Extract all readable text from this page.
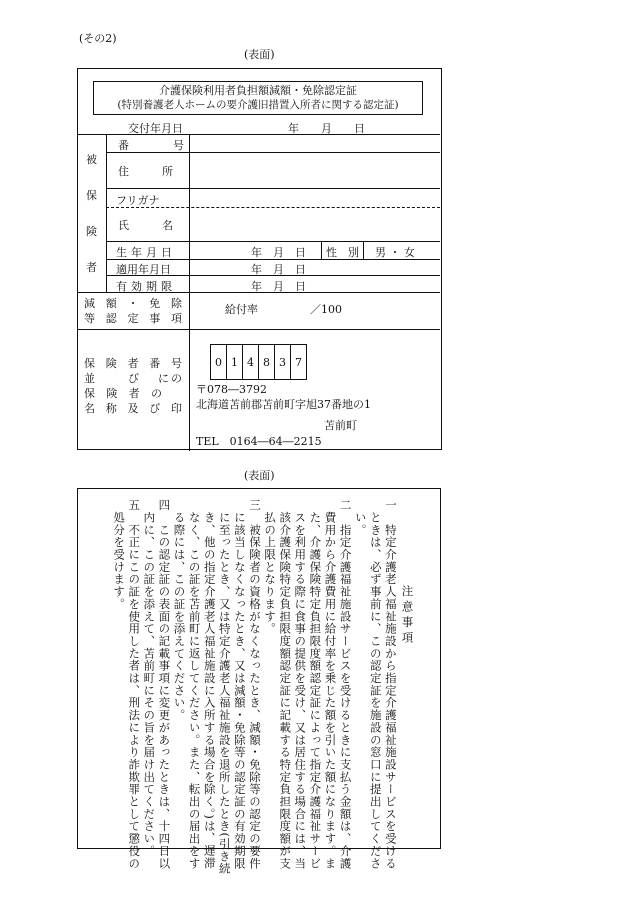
(その2)
(表面)
介護保険利用者負担額減額・免除認定証
(特別養護老人ホームの要介護旧措置入所者に関する認定証)
交付年月日	年　　月　　日
被
保
険
者
番　　　　号
住　　　所
フリガナ
氏　　　名
生年月日	年　月　日 性　別 男 ・ 女
適用年月日	年　月　日
有効期限	年　月　日
減 額 ・ 免 除
等 認 定 事 項
給付率	／100
保 険 者 番 号
並	び に の
保 険 者 の
名 称 及 び 印
0 1 4 8 3 7
〒078―3792
北海道苫前郡苫前町字旭37番地の1
苫前町
TEL　0164―64―2215
(表面)
注意事項
一　特定介護老人福祉施設から指定介護福祉施設サービスを受ける
　ときは、必ず事前に、この認定証を施設の窓口に提出してくださ
　い。
二　指定介護福祉施設サービスを受けるときに支払う金額は、介護
　費用から介護費用に給付率を乗じた額を引いた額になります。ま
　た、介護保険特定負担限度額認定証によって指定介護福祉サービ
　スを利用する際に食事の提供を受け、又は居住する場合には、当
　該介護保険特定負担限度額認定証に記載する特定負担限度額が支
　払の上限となります。
三　被保険者の資格がなくなったとき、減額・免除等の認定の要件
　に該当しなくなったとき、又は減額・免除等の認定証の有効期限
　に至ったとき、又は特定介護老人福祉施設を退所したとき(引き続
　き、他の指定介護老人福祉施設に入所する場合を除く。)は、遅滞
　なく、この証を苫前町に返してください。また、転出の届出をす
　る際には、この証を添えてください。
四　この認定証の表面の記載事項に変更があったときは、十四日以
　内に、この証を添えて、苫前町にその旨を届け出てください。
五　不正にこの証を使用した者は、刑法により詐欺罪として懲役の
　処分を受けます。
